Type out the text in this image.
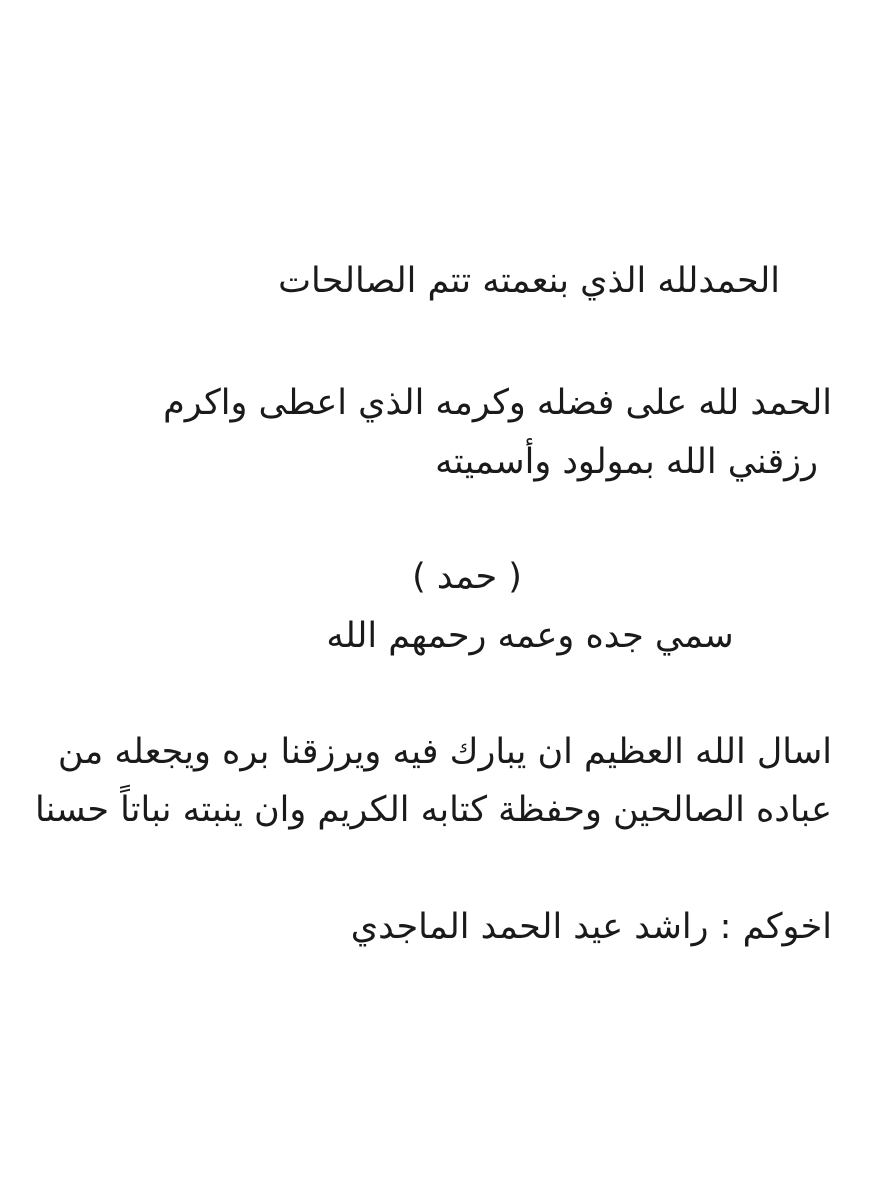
الحمدلله الذي بنعمته تتم الصالحات
الحمد لله على فضله وكرمه الذي اعطى واكرم
رزقني الله بمولود وأسميته
( حمد )
سمي جده وعمه رحمهم الله
اسال الله العظيم ان يبارك فيه ويرزقنا بره ويجعله من
عباده الصالحين وحفظة كتابه الكريم وان ينبته نباتاً حسنا
اخوكم : راشد عيد الحمد الماجدي
